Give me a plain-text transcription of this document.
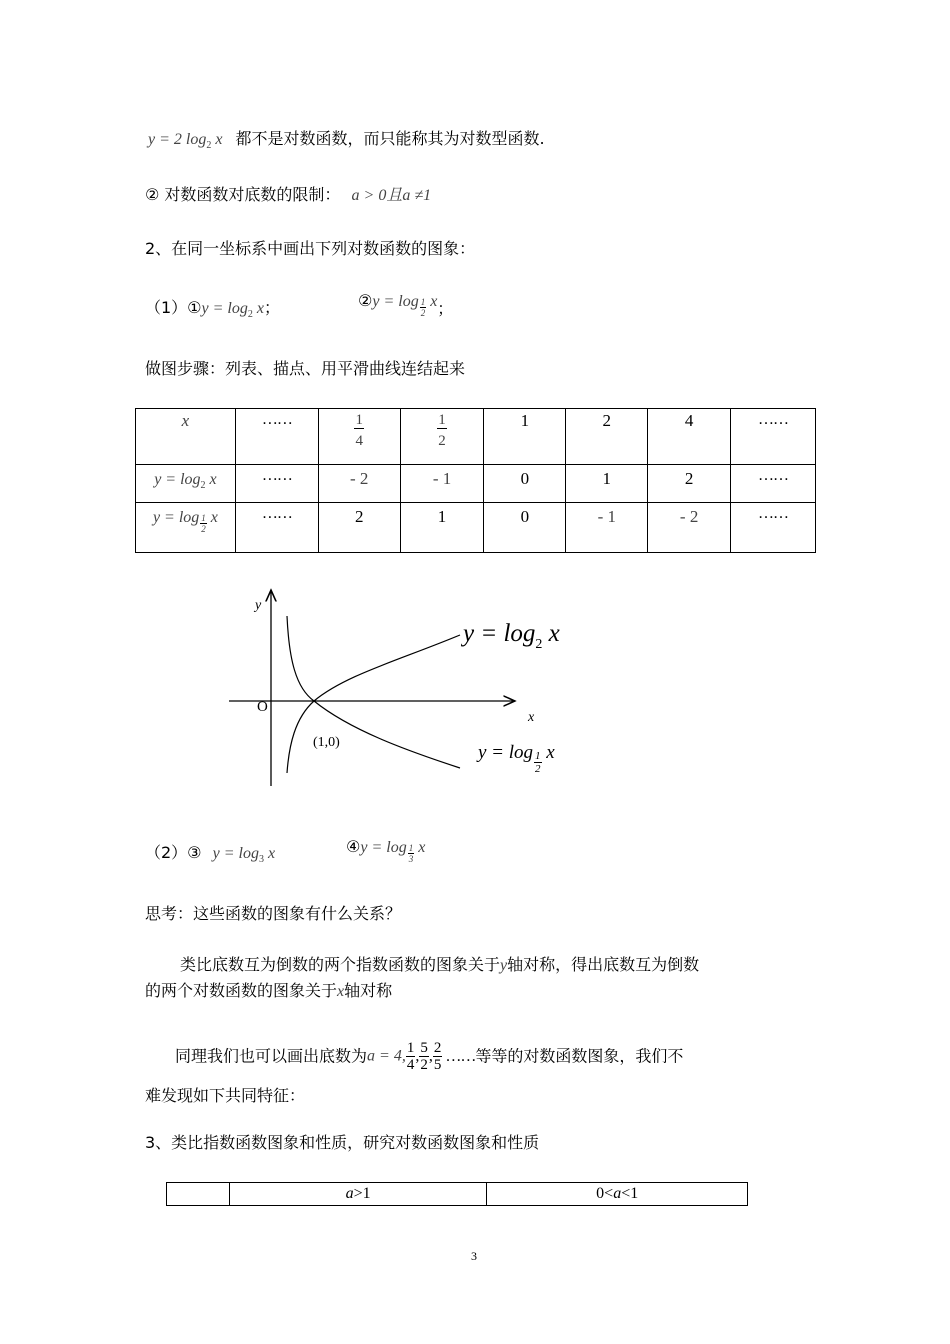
y = 2 $\log_2 x$ 都不是对数函数，而只能称其为对数型函数.
② 对数函数对底数的限制： a > 0且a ≠1
2、在同一坐标系中画出下列对数函数的图象：
（1）①y = $\log_2 x$；	②y = $\log \frac{1}{2}$ x；
做图步骤：列表、描点、用平滑曲线连结起来
x	……	$\frac{1}{4}$	$\frac{1}{2}$	1	2	4	……
$y = \log_2 x$	……	- 2	- 1	0	1	2	……
$y = \log \frac{1}{2}$ x	……	2	1	0	- 1	- 2	……
y
x
O
(1,0)
$y = \log_2 x$
$y = \log \frac{1}{2}$ x
（2）③ $y = \log_3 x$	④y = $\log \frac{1}{3}$ x
思考：这些函数的图象有什么关系？
类比底数互为倒数的两个指数函数的图象关于y轴对称，得出底数互为倒数
的两个对数函数的图象关于x轴对称
同理我们也可以画出底数为a = 4, $\frac{1}{4}$ , $\frac{5}{2}$ , $\frac{2}{5}$ ……等等的对数函数图象，我们不
难发现如下共同特征：
3、类比指数函数图象和性质，研究对数函数图象和性质
	a>1	0<a<1
3
